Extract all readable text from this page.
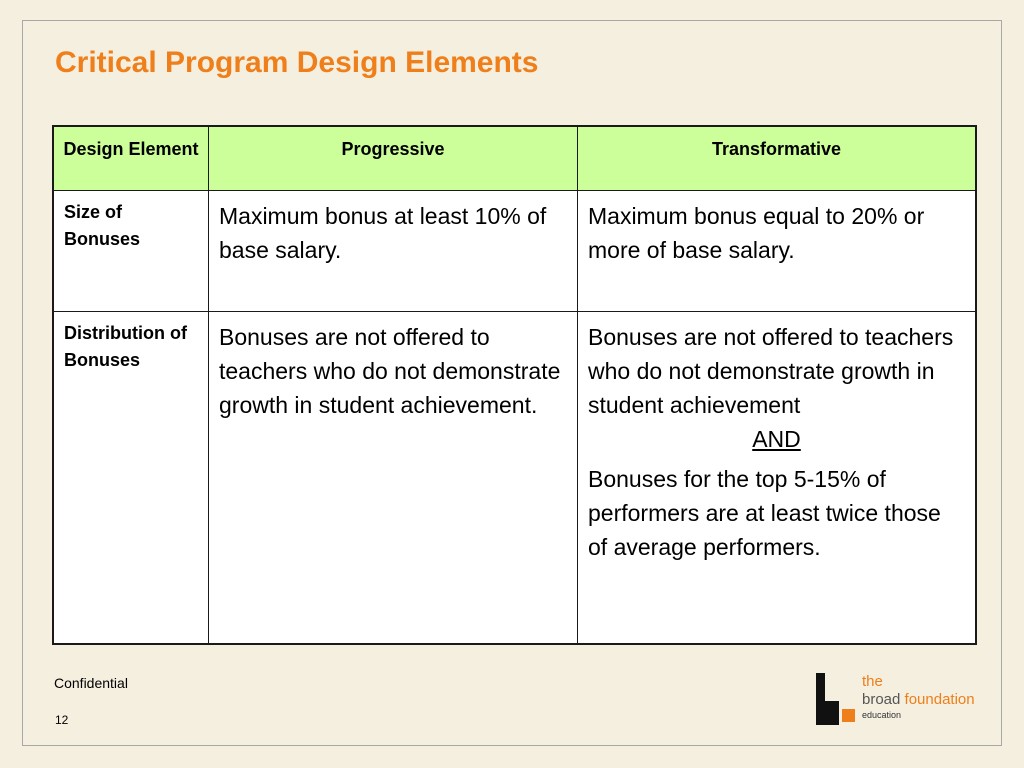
Critical Program Design Elements
Design Element	Progressive	Transformative
Size of Bonuses
Maximum bonus at least 10% of base salary.
Maximum bonus equal to 20% or more of base salary.
Distribution of Bonuses
Bonuses are not offered to teachers who do not demonstrate growth in student achievement.
Bonuses are not offered to teachers who do not demonstrate growth in student achievement
AND
Bonuses for the top 5-15% of performers are at least twice those of average performers.
Confidential
12
the
broad foundation
education
